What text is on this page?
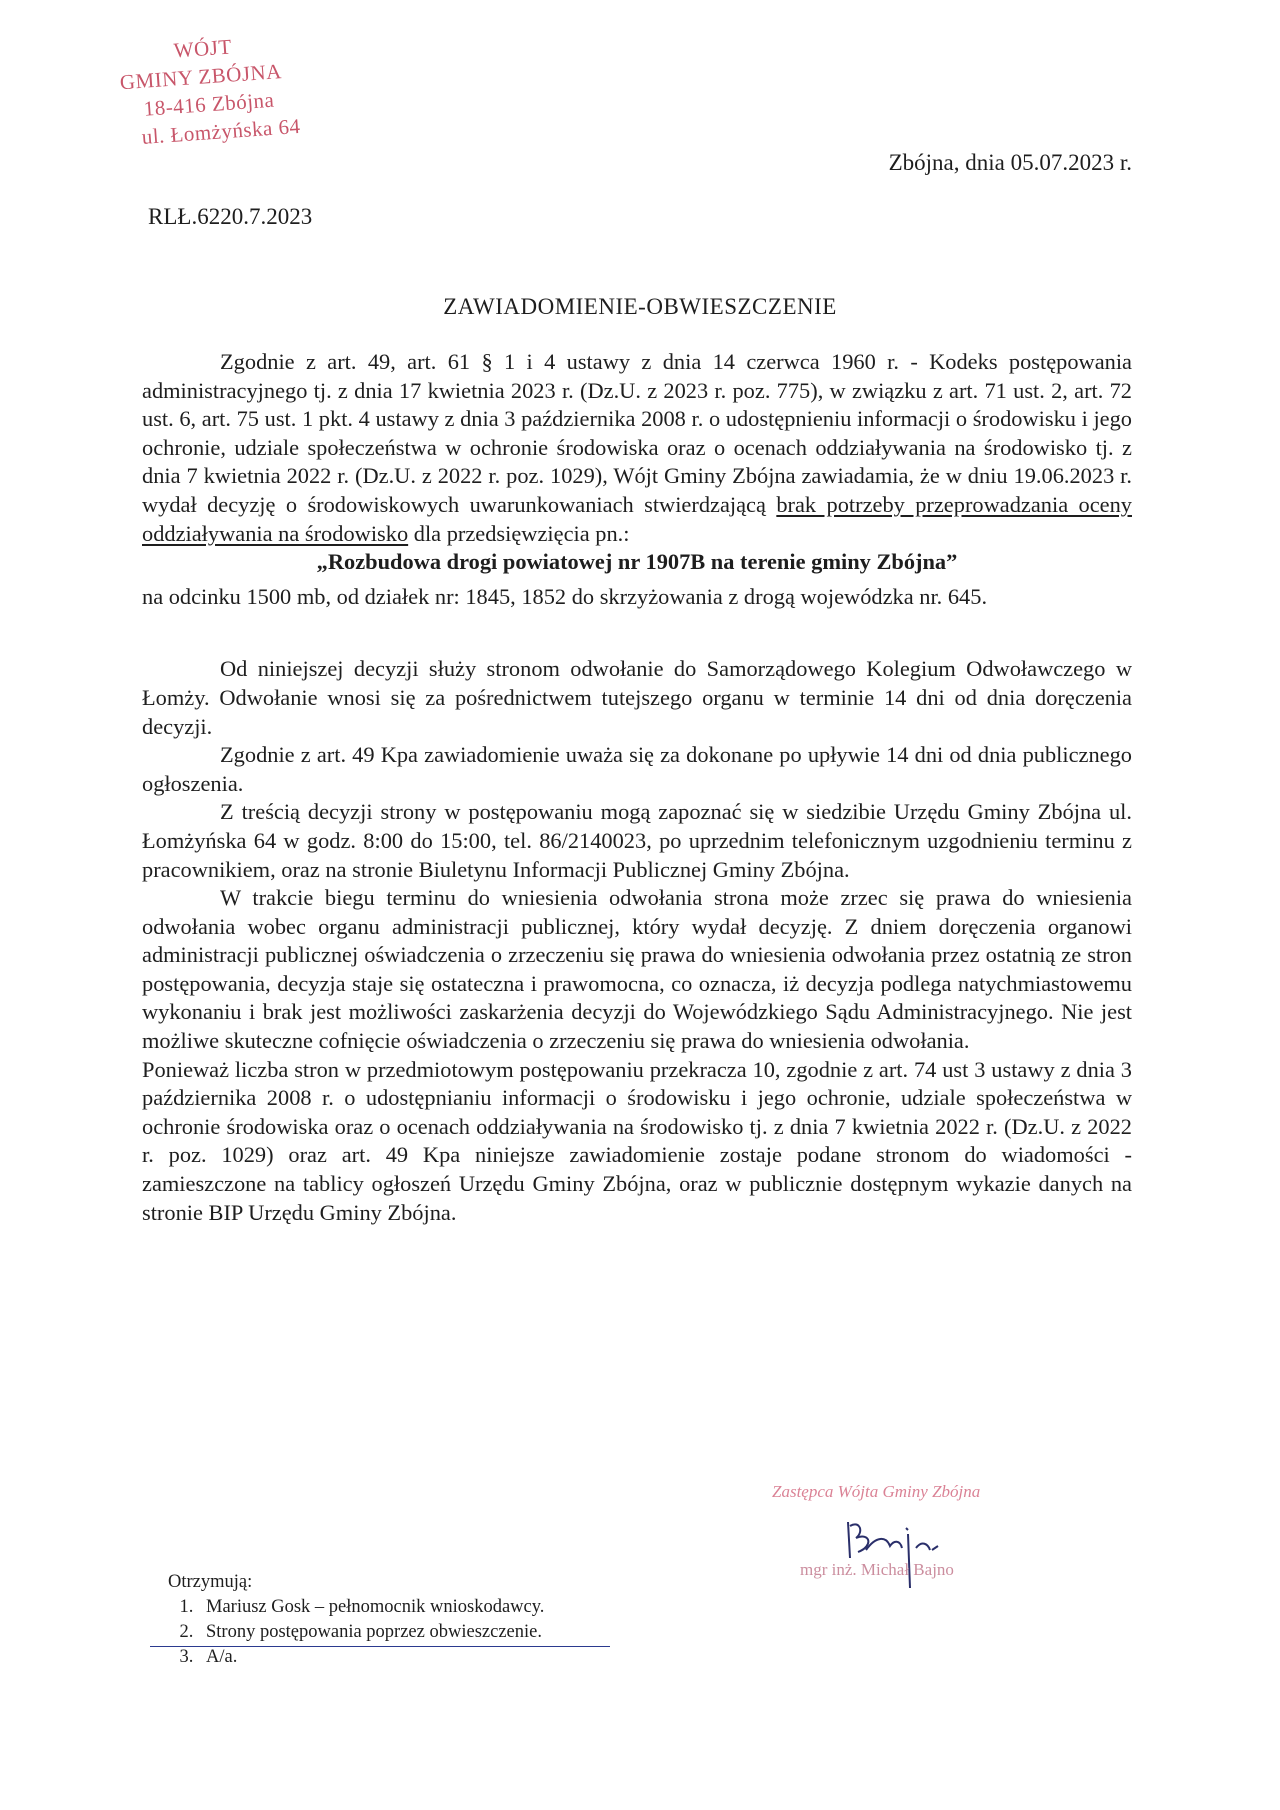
WÓJT
GMINY ZBÓJNA
18-416 Zbójna
ul. Łomżyńska 64
Zbójna, dnia 05.07.2023 r.
RLŁ.6220.7.2023
ZAWIADOMIENIE-OBWIESZCZENIE

Zgodnie z art. 49, art. 61 § 1 i 4 ustawy z dnia 14 czerwca 1960 r. - Kodeks postępowania administracyjnego tj. z dnia 17 kwietnia 2023 r. (Dz.U. z 2023 r. poz. 775), w związku z art. 71 ust. 2, art. 72 ust. 6, art. 75 ust. 1 pkt. 4 ustawy z dnia 3 października 2008 r. o udostępnieniu informacji o środowisku i jego ochronie, udziale społeczeństwa w ochronie środowiska oraz o ocenach oddziaływania na środowisko tj. z dnia 7 kwietnia 2022 r. (Dz.U. z 2022 r. poz. 1029), Wójt Gminy Zbójna zawiadamia, że w dniu 19.06.2023 r. wydał decyzję o środowiskowych uwarunkowaniach stwierdzającą brak potrzeby przeprowadzania oceny oddziaływania na środowisko dla przedsięwzięcia pn.:

„Rozbudowa drogi powiatowej nr 1907B na terenie gminy Zbójna”

na odcinku 1500 mb, od działek nr: 1845, 1852 do skrzyżowania z drogą wojewódzka nr. 645.

Od niniejszej decyzji służy stronom odwołanie do Samorządowego Kolegium Odwoławczego w Łomży. Odwołanie wnosi się za pośrednictwem tutejszego organu w terminie 14 dni od dnia doręczenia decyzji.

Zgodnie z art. 49 Kpa zawiadomienie uważa się za dokonane po upływie 14 dni od dnia publicznego ogłoszenia.

Z treścią decyzji strony w postępowaniu mogą zapoznać się w siedzibie Urzędu Gminy Zbójna ul. Łomżyńska 64 w godz. 8:00 do 15:00, tel. 86/2140023, po uprzednim telefonicznym uzgodnieniu terminu z pracownikiem, oraz na stronie Biuletynu Informacji Publicznej Gminy Zbójna.

W trakcie biegu terminu do wniesienia odwołania strona może zrzec się prawa do wniesienia odwołania wobec organu administracji publicznej, który wydał decyzję. Z dniem doręczenia organowi administracji publicznej oświadczenia o zrzeczeniu się prawa do wniesienia odwołania przez ostatnią ze stron postępowania, decyzja staje się ostateczna i prawomocna, co oznacza, iż decyzja podlega natychmiastowemu wykonaniu i brak jest możliwości zaskarżenia decyzji do Wojewódzkiego Sądu Administracyjnego. Nie jest możliwe skuteczne cofnięcie oświadczenia o zrzeczeniu się prawa do wniesienia odwołania.

Ponieważ liczba stron w przedmiotowym postępowaniu przekracza 10, zgodnie z art. 74 ust 3 ustawy z dnia 3 października 2008 r. o udostępnianiu informacji o środowisku i jego ochronie, udziale społeczeństwa w ochronie środowiska oraz o ocenach oddziaływania na środowisko tj. z dnia 7 kwietnia 2022 r. (Dz.U. z 2022 r. poz. 1029) oraz art. 49 Kpa niniejsze zawiadomienie zostaje podane stronom do wiadomości - zamieszczone na tablicy ogłoszeń Urzędu Gminy Zbójna, oraz w publicznie dostępnym wykazie danych na stronie BIP Urzędu Gminy Zbójna.

Zastępca Wójta Gminy Zbójna
mgr inż. Michał Bajno
Otrzymują:
1. Mariusz Gosk – pełnomocnik wnioskodawcy.
2. Strony postępowania poprzez obwieszczenie.
3. A/a.
